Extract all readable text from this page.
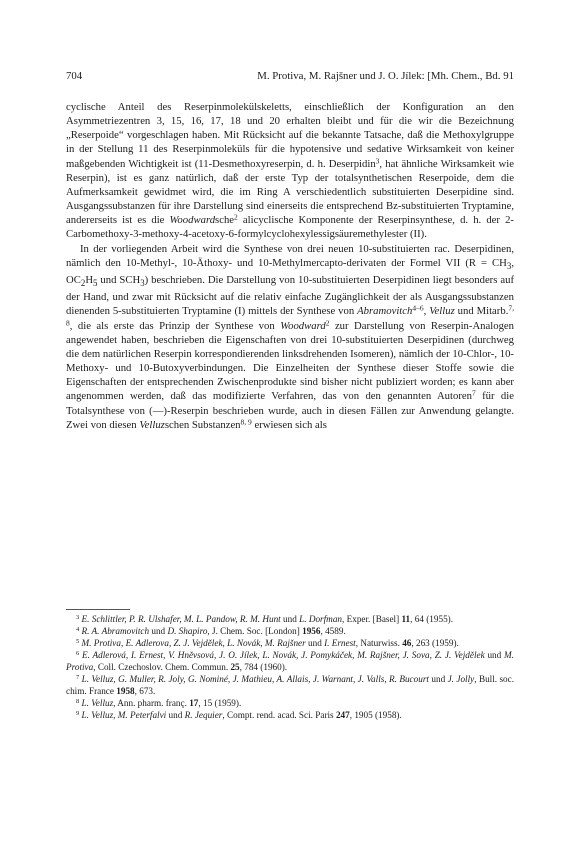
704	M. Protiva, M. Rajšner und J. O. Jílek: [Mh. Chem., Bd. 91

cyclische Anteil des Reserpinmolekülskeletts, einschließlich der Konfiguration an den Asymmetriezentren 3, 15, 16, 17, 18 und 20 erhalten bleibt und für die wir die Bezeichnung „Reserpoide“ vorgeschlagen haben. Mit Rücksicht auf die bekannte Tatsache, daß die Methoxylgruppe in der Stellung 11 des Reserpinmoleküls für die hypotensive und sedative Wirksamkeit von keiner maßgebenden Wichtigkeit ist (11-Desmethoxyreserpin, d. h. Deserpidin$^3$, hat ähnliche Wirksamkeit wie Reserpin), ist es ganz natürlich, daß der erste Typ der totalsynthetischen Reserpoide, dem die Aufmerksamkeit gewidmet wird, die im Ring A verschiedentlich substituierten Deserpidine sind. Ausgangssubstanzen für ihre Darstellung sind einerseits die entsprechend Bz-substituierten Tryptamine, andererseits ist es die Woodwardsche$^2$ alicyclische Komponente der Reserpinsynthese, d. h. der 2-Carbomethoxy-3-methoxy-4-acetoxy-6-formylcyclohexylessigsäuremethylester (II).

In der vorliegenden Arbeit wird die Synthese von drei neuen 10-substituierten rac. Deserpidinen, nämlich den 10-Methyl-, 10-Äthoxy- und 10-Methylmercapto-derivaten der Formel VII ($R = CH_3$, $OC_2H_5$ und $SCH_3$) beschrieben. Die Darstellung von 10-substituierten Deserpidinen liegt besonders auf der Hand, und zwar mit Rücksicht auf die relativ einfache Zugänglichkeit der als Ausgangssubstanzen dienenden 5-substituierten Tryptamine (I) mittels der Synthese von Abramovitch$^{4-6}$, Velluz und Mitarb.$^{7, 8}$, die als erste das Prinzip der Synthese von Woodward$^2$ zur Darstellung von Reserpin-Analogen angewendet haben, beschrieben die Eigenschaften von drei 10-substituierten Deserpidinen (durchweg die dem natürlichen Reserpin korrespondierenden linksdrehenden Isomeren), nämlich der 10-Chlor-, 10-Methoxy- und 10-Butoxyverbindungen. Die Einzelheiten der Synthese dieser Stoffe sowie die Eigenschaften der entsprechenden Zwischenprodukte sind bisher nicht publiziert worden; es kann aber angenommen werden, daß das modifizierte Verfahren, das von den genannten Autoren$^7$ für die Totalsynthese von (—)-Reserpin beschrieben wurde, auch in diesen Fällen zur Anwendung gelangte. Zwei von diesen Velluzschen Substanzen$^{8, 9}$ erwiesen sich als

$^3$ E. Schlittler, P. R. Ulshafer, M. L. Pandow, R. M. Hunt und L. Dorfman, Exper. [Basel] 11, 64 (1955).

$^4$ R. A. Abramovitch und D. Shapiro, J. Chem. Soc. [London] 1956, 4589.

$^5$ M. Protiva, E. Adlerova, Z. J. Vejdělek, L. Novák, M. Rajšner und I. Ernest, Naturwiss. 46, 263 (1959).

$^6$ E. Adlerová, I. Ernest, V. Hněvsová, J. O. Jílek, L. Novák, J. Pomykáček, M. Rajšner, J. Sova, Z. J. Vejdělek und M. Protiva, Coll. Czechoslov. Chem. Commun. 25, 784 (1960).

$^7$ L. Velluz, G. Muller, R. Joly, G. Nominé, J. Mathieu, A. Allais, J. Warnant, J. Valls, R. Bucourt und J. Jolly, Bull. soc. chim. France 1958, 673.

$^8$ L. Velluz, Ann. pharm. franç. 17, 15 (1959).

$^9$ L. Velluz, M. Peterfalvi und R. Jequier, Compt. rend. acad. Sci. Paris 247, 1905 (1958).
